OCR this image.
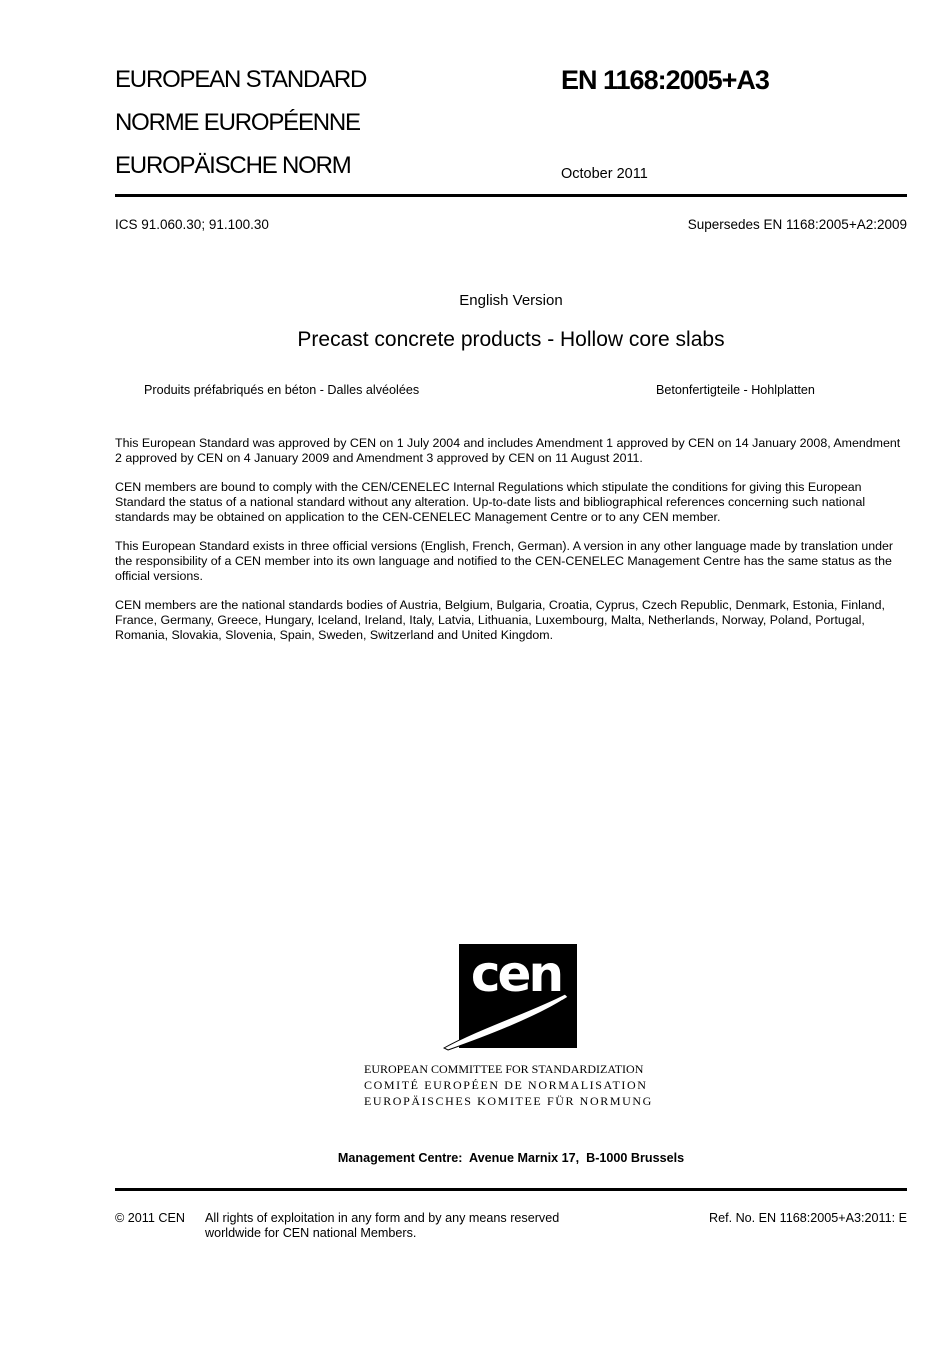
EUROPEAN STANDARD
NORME EUROPÉENNE
EUROPÄISCHE NORM
EN 1168:2005+A3
October 2011
ICS 91.060.30; 91.100.30	Supersedes EN 1168:2005+A2:2009
English Version
Precast concrete products - Hollow core slabs
Produits préfabriqués en béton - Dalles alvéolées	Betonfertigteile - Hohlplatten

This European Standard was approved by CEN on 1 July 2004 and includes Amendment 1 approved by CEN on 14 January 2008, Amendment 2 approved by CEN on 4 January 2009 and Amendment 3 approved by CEN on 11 August 2011.

CEN members are bound to comply with the CEN/CENELEC Internal Regulations which stipulate the conditions for giving this European Standard the status of a national standard without any alteration. Up-to-date lists and bibliographical references concerning such national standards may be obtained on application to the CEN-CENELEC Management Centre or to any CEN member.

This European Standard exists in three official versions (English, French, German). A version in any other language made by translation under the responsibility of a CEN member into its own language and notified to the CEN-CENELEC Management Centre has the same status as the official versions.

CEN members are the national standards bodies of Austria, Belgium, Bulgaria, Croatia, Cyprus, Czech Republic, Denmark, Estonia, Finland, France, Germany, Greece, Hungary, Iceland, Ireland, Italy, Latvia, Lithuania, Luxembourg, Malta, Netherlands, Norway, Poland, Portugal, Romania, Slovakia, Slovenia, Spain, Sweden, Switzerland and United Kingdom.

cen
EUROPEAN COMMITTEE FOR STANDARDIZATION
COMITÉ EUROPÉEN DE NORMALISATION
EUROPÄISCHES KOMITEE FÜR NORMUNG
Management Centre:  Avenue Marnix 17,  B-1000 Brussels
© 2011 CEN All rights of exploitation in any form and by any means reserved
worldwide for CEN national Members.
Ref. No. EN 1168:2005+A3:2011: E
